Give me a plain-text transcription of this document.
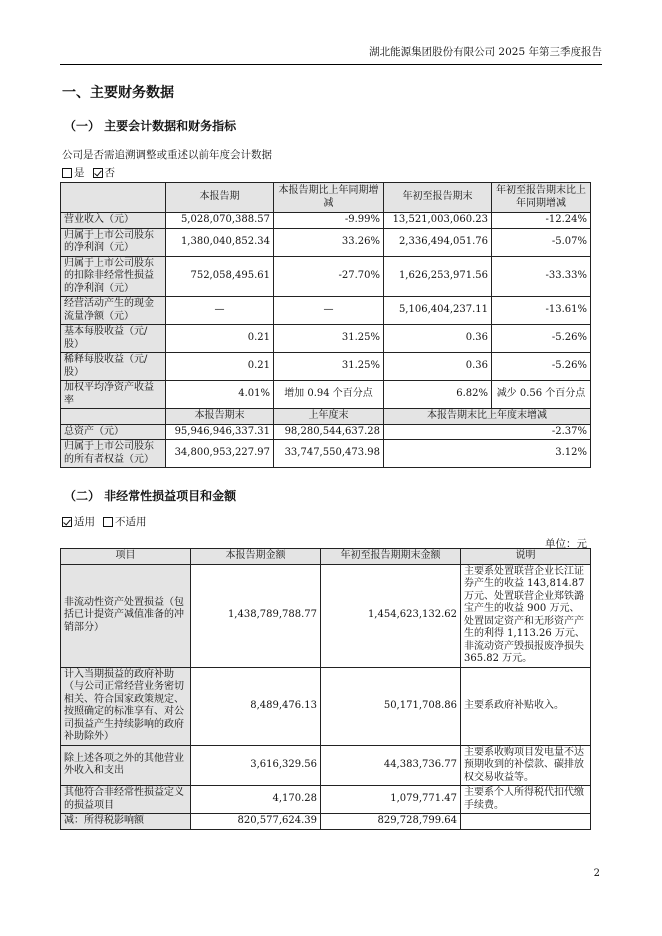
湖北能源集团股份有限公司 2025 年第三季度报告
一、主要财务数据
（一） 主要会计数据和财务指标
公司是否需追溯调整或重述以前年度会计数据
是 否
	本报告期	本报告期比上年同期增减	年初至报告期末	年初至报告期末比上年同期增减
营业收入（元）	5,028,070,388.57	-9.99%	13,521,003,060.23	-12.24%
归属于上市公司股东的净利润（元）	1,380,040,852.34	33.26%	2,336,494,051.76	-5.07%
归属于上市公司股东的扣除非经常性损益的净利润（元）	752,058,495.61	-27.70%	1,626,253,971.56	-33.33%
经营活动产生的现金流量净额（元）	—	—	5,106,404,237.11	-13.61%
基本每股收益（元/股）	0.21	31.25%	0.36	-5.26%
稀释每股收益（元/股）	0.21	31.25%	0.36	-5.26%
加权平均净资产收益率	4.01%	增加 0.94 个百分点	6.82%	减少 0.56 个百分点
	本报告期末	上年度末	本报告期末比上年度末增减	
总资产（元）	95,946,946,337.31	98,280,544,637.28	-2.37%	
归属于上市公司股东的所有者权益（元）	34,800,953,227.97	33,747,550,473.98	3.12%	
（二） 非经常性损益项目和金额
适用 不适用
单位：元
项目	本报告期金额	年初至报告期期末金额	说明
非流动性资产处置损益（包括已计提资产减值准备的冲销部分）	1,438,789,788.77	1,454,623,132.62	主要系处置联营企业长江证券产生的收益 143,814.87 万元、处置联营企业郑铁潞宝产生的收益 900 万元、处置固定资产和无形资产产生的利得 1,113.26 万元、非流动资产毁损报废净损失 365.82 万元。
计入当期损益的政府补助（与公司正常经营业务密切相关、符合国家政策规定、按照确定的标准享有、对公司损益产生持续影响的政府补助除外）	8,489,476.13	50,171,708.86	主要系政府补贴收入。
除上述各项之外的其他营业外收入和支出	3,616,329.56	44,383,736.77	主要系收购项目发电量不达预期收到的补偿款、碳排放权交易收益等。
其他符合非经常性损益定义的损益项目	4,170.28	1,079,771.47	主要系个人所得税代扣代缴手续费。
减：所得税影响额	820,577,624.39	829,728,799.64	
2
